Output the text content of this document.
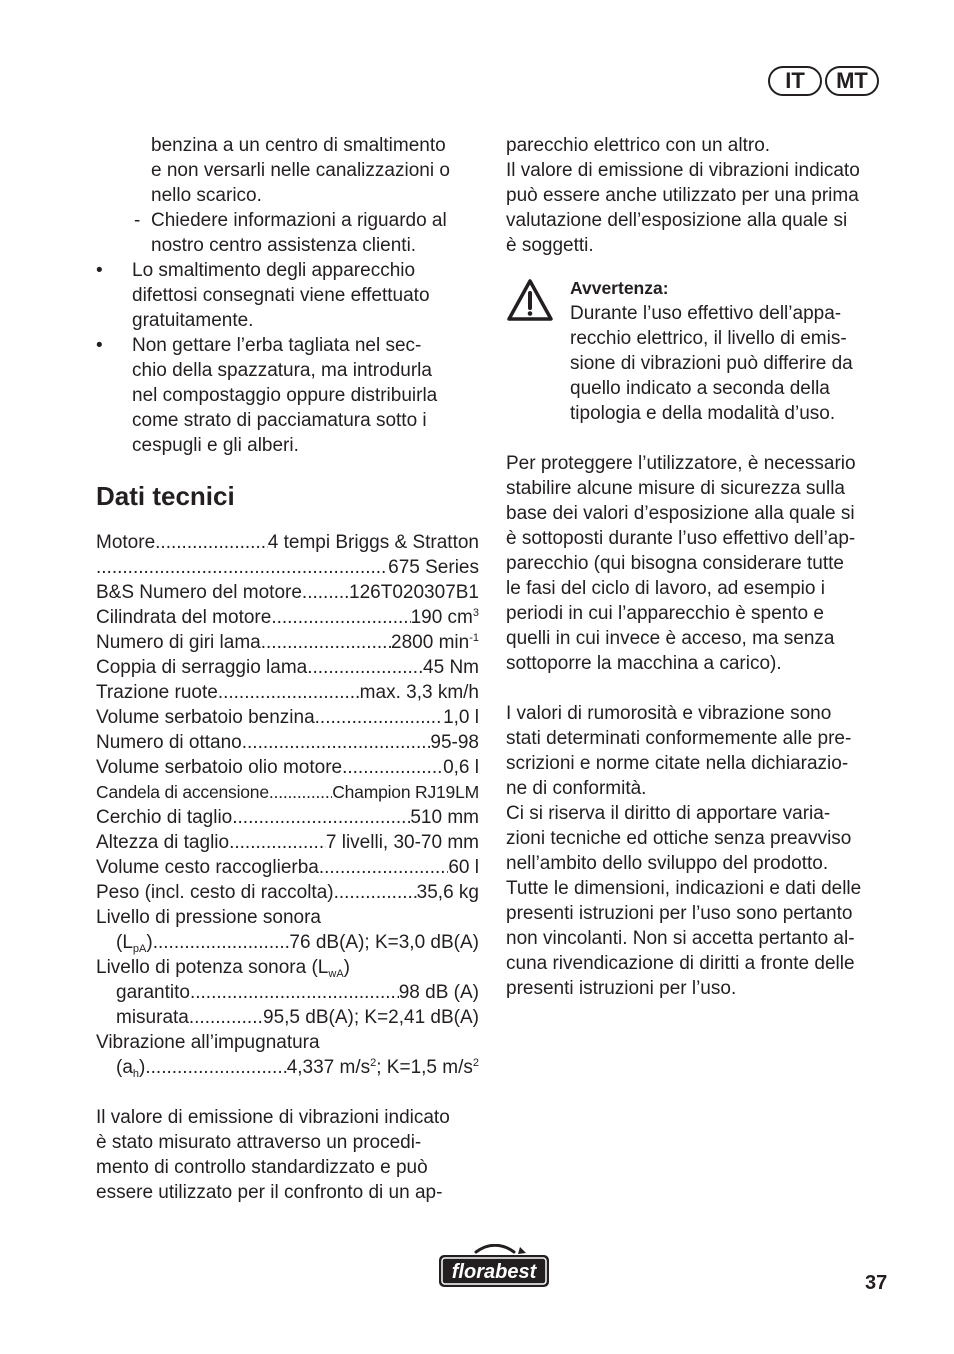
IT	MT

benzina a un centro di smaltimento

e non versarli nelle canalizzazioni o

nello scarico.

- Chiedere informazioni a riguardo al

nostro centro assistenza clienti.

•	Lo smaltimento degli apparecchio

difettosi consegnati viene effettuato

gratuitamente.

•	Non gettare l’erba tagliata nel sec-

chio della spazzatura, ma introdurla

nel compostaggio oppure distribuirla

come strato di pacciamatura sotto i

cespugli e gli alberi.

Dati tecnici
Motore .....	4 tempi Briggs & Stratton
.....
675 Series
B&S Numero del motore ..... 126T020307B1
Cilindrata del motore .....	190 $cm^3$
Numero di giri lama .....	2800 $\min^{-1}$
Coppia di serraggio lama .....	45 Nm
Trazione ruote .....	max. 3,3 km/h
Volume serbatoio benzina .....	1,0 l
Numero di ottano .....	95-98
Volume serbatoio olio motore .....	0,6 l
Candela di accensione .....	Champion RJ19LM
Cerchio di taglio .....	510 mm
Altezza di taglio .....	7 livelli, 30-70 mm
Volume cesto raccoglierba .....	60 l
Peso (incl. cesto di raccolta) .....	35,6 kg

Livello di pressione sonora

$(L_{pA})$ .....	76 dB(A); K=3,0 dB(A)

Livello di potenza sonora $(L_{wA})$

garantito .....	98 dB (A)
misurata .....	95,5 dB(A); K=2,41 dB(A)

Vibrazione all’impugnatura

$(a_h)$ .....	4,337 $m/s^2$; K=1,5 $m/s^2$

Il valore di emissione di vibrazioni indicato

è stato misurato attraverso un procedi-

mento di controllo standardizzato e può

essere utilizzato per il confronto di un ap-

parecchio elettrico con un altro.

Il valore di emissione di vibrazioni indicato

può essere anche utilizzato per una prima

valutazione dell’esposizione alla quale si

è soggetti.

Avvertenza:

Durante l’uso effettivo dell’appa-

recchio elettrico, il livello di emis-

sione di vibrazioni può differire da

quello indicato a seconda della

tipologia e della modalità d’uso.

Per proteggere l’utilizzatore, è necessario

stabilire alcune misure di sicurezza sulla

base dei valori d’esposizione alla quale si

è sottoposti durante l’uso effettivo dell’ap-

parecchio (qui bisogna considerare tutte

le fasi del ciclo di lavoro, ad esempio i

periodi in cui l’apparecchio è spento e

quelli in cui invece è acceso, ma senza

sottoporre la macchina a carico).

I valori di rumorosità e vibrazione sono

stati determinati conformemente alle pre-

scrizioni e norme citate nella dichiarazio-

ne di conformità.

Ci si riserva il diritto di apportare varia-

zioni tecniche ed ottiche senza preavviso

nell’ambito dello sviluppo del prodotto.

Tutte le dimensioni, indicazioni e dati delle

presenti istruzioni per l’uso sono pertanto

non vincolanti. Non si accetta pertanto al-

cuna rivendicazione di diritti a fronte delle

presenti istruzioni per l’uso.

florabest	37
